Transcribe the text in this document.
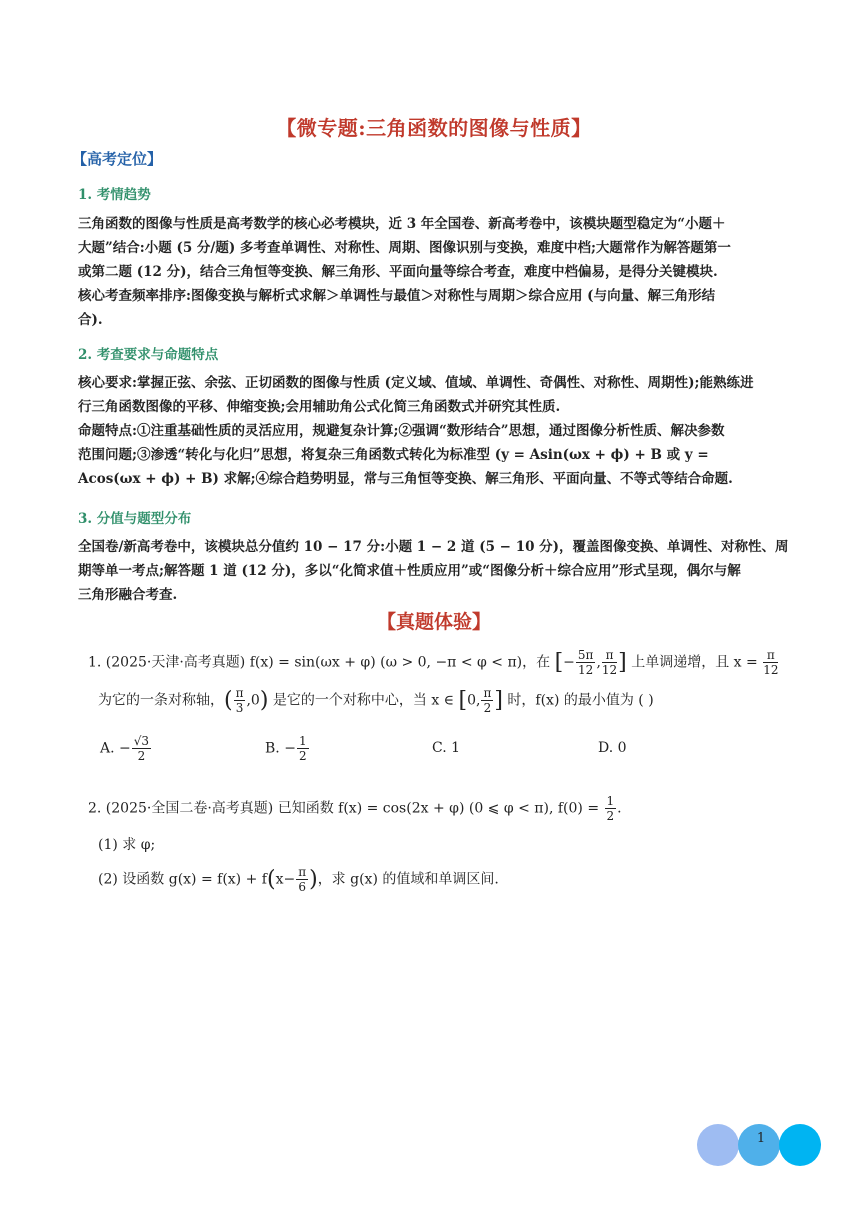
【微专题:三角函数的图像与性质】
【高考定位】
1. 考情趋势

三角函数的图像与性质是高考数学的核心必考模块，近 3 年全国卷、新高考卷中，该模块题型稳定为“小题＋

大题”结合:小题 (5 分/题) 多考查单调性、对称性、周期、图像识别与变换，难度中档;大题常作为解答题第一

或第二题 (12 分)，结合三角恒等变换、解三角形、平面向量等综合考查，难度中档偏易，是得分关键模块.

核心考查频率排序:图像变换与解析式求解＞单调性与最值＞对称性与周期＞综合应用 (与向量、解三角形结

合).

2. 考查要求与命题特点

核心要求:掌握正弦、余弦、正切函数的图像与性质 (定义域、值域、单调性、奇偶性、对称性、周期性);能熟练进

行三角函数图像的平移、伸缩变换;会用辅助角公式化简三角函数式并研究其性质.

命题特点:①注重基础性质的灵活应用，规避复杂计算;②强调“数形结合”思想，通过图像分析性质、解决参数

范围问题;③渗透“转化与化归”思想，将复杂三角函数式转化为标准型 (y = Asin(ωx + ϕ) + B 或 y =

Acos(ωx + ϕ) + B) 求解;④综合趋势明显，常与三角恒等变换、解三角形、平面向量、不等式等结合命题.

3. 分值与题型分布

全国卷/新高考卷中，该模块总分值约 10 − 17 分:小题 1 − 2 道 (5 − 10 分)，覆盖图像变换、单调性、对称性、周

期等单一考点;解答题 1 道 (12 分)，多以“化简求值＋性质应用”或“图像分析＋综合应用”形式呈现，偶尔与解

三角形融合考查.

【真题体验】
1. (2025·天津·高考真题) f(x) = sin(ωx + φ) (ω > 0, −π < φ < π)，在 [− $\frac{5\pi}{12}$ , $\frac{\pi}{12}$ ] 上单调递增，且 $x = \frac{\pi}{12}$
为它的一条对称轴，( $\frac{\pi}{3} ,0$) 是它的一个对称中心，当 x ∈ [0, $\frac{\pi}{2}$ ] 时，f(x) 的最小值为 ( )
A. − $\frac{√3}{2}$	B. − $\frac{1}{2}$	C. 1	D. 0
2. (2025·全国二卷·高考真题) 已知函数 f(x) = cos(2x + φ) (0 ⩽ φ < π), $f(0) = \frac{1}{2}$ .
(1) 求 φ;
(2) 设函数 $g(x) = f(x) + f(x- \frac{\pi}{6}$ )，求 g(x) 的值域和单调区间.
1
